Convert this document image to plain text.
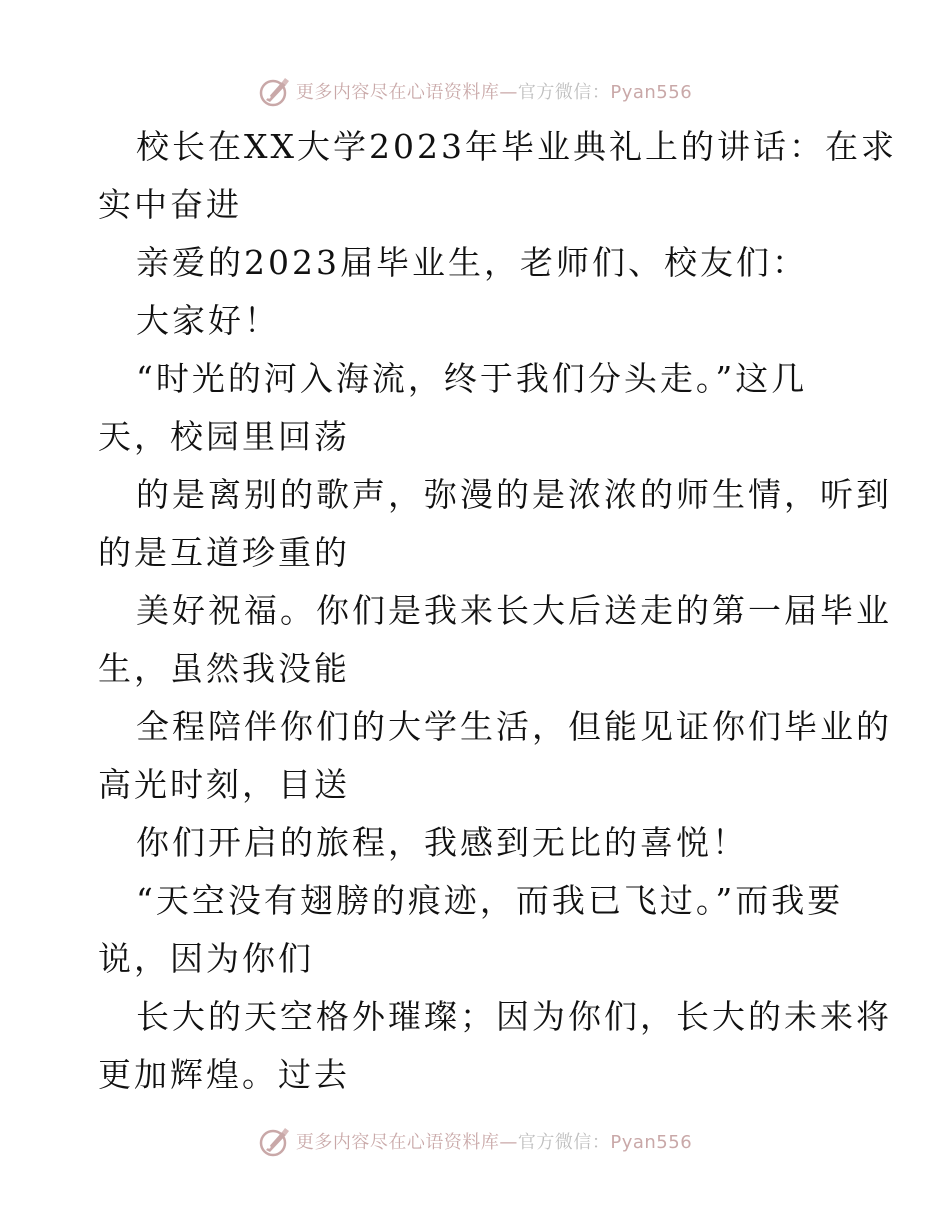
更多内容尽在心语资料库—官方微信：Pyan556
校长在XX大学2023年毕业典礼上的讲话：在求
实中奋进
亲爱的2023届毕业生，老师们、校友们：
大家好！
“时光的河入海流，终于我们分头走。”这几
天，校园里回荡
的是离别的歌声，弥漫的是浓浓的师生情，听到
的是互道珍重的
美好祝福。你们是我来长大后送走的第一届毕业
生，虽然我没能
全程陪伴你们的大学生活，但能见证你们毕业的
高光时刻，目送
你们开启的旅程，我感到无比的喜悦！
“天空没有翅膀的痕迹，而我已飞过。”而我要
说，因为你们
长大的天空格外璀璨；因为你们，长大的未来将
更加辉煌。过去
更多内容尽在心语资料库—官方微信：Pyan556
